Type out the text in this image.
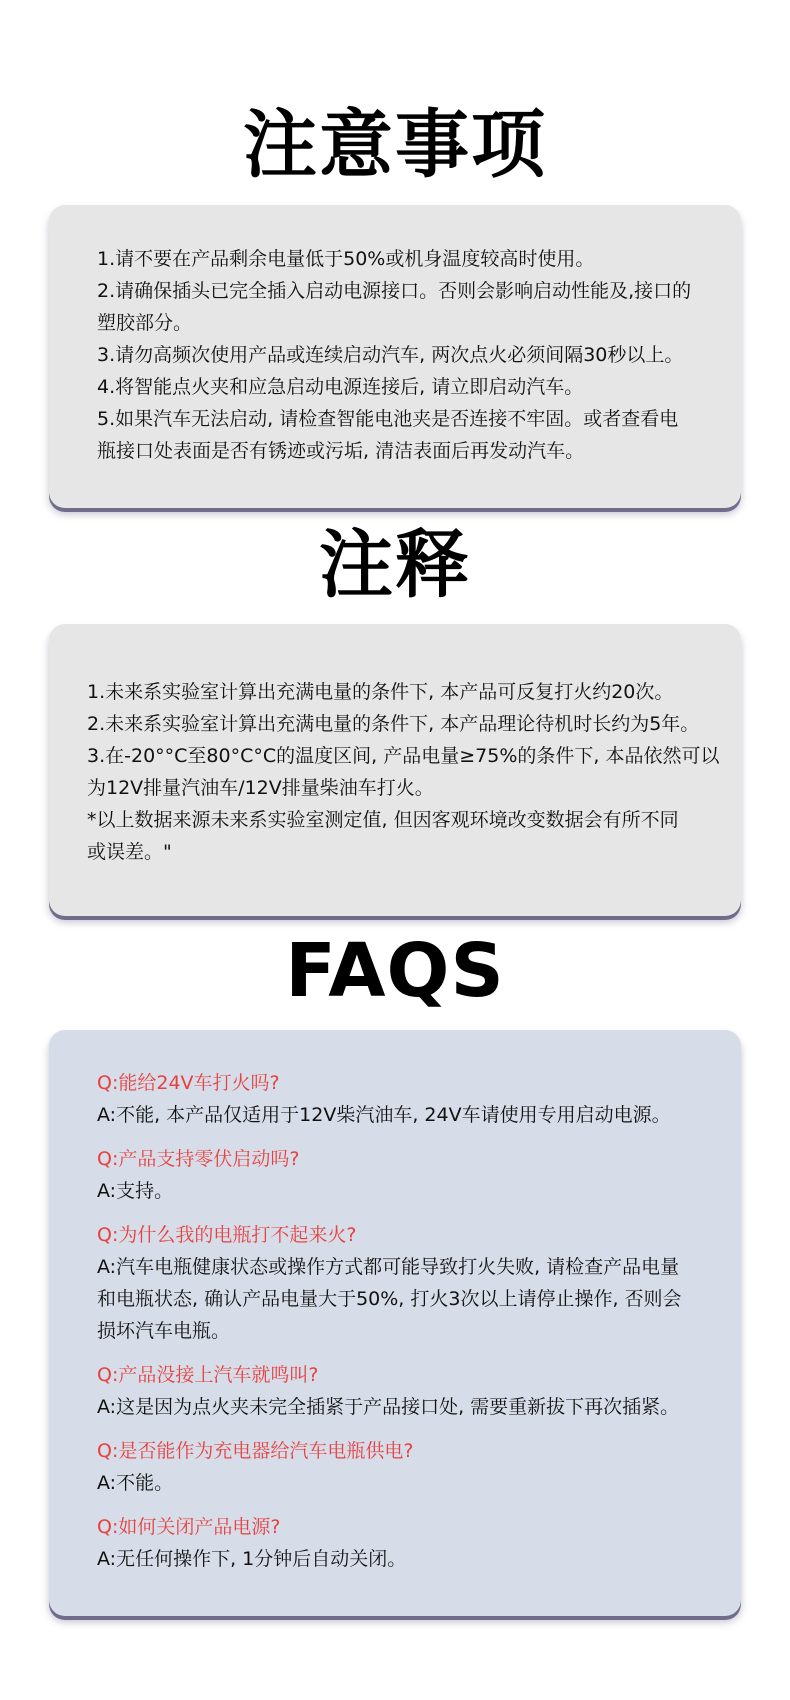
注意事项

1.请不要在产品剩余电量低于50%或机身温度较高时使用。

2.请确保插头已完全插入启动电源接口。否则会影响启动性能及,接口的

塑胶部分。

3.请勿高频次使用产品或连续启动汽车, 两次点火必须间隔30秒以上。

4.将智能点火夹和应急启动电源连接后, 请立即启动汽车。

5.如果汽车无法启动, 请检查智能电池夹是否连接不牢固。或者查看电

瓶接口处表面是否有锈迹或污垢, 清洁表面后再发动汽车。

注释

1.未来系实验室计算出充满电量的条件下, 本产品可反复打火约20次。

2.未来系实验室计算出充满电量的条件下, 本产品理论待机时长约为5年。

3.在-20°°C至80°C°C的温度区间, 产品电量≥75%的条件下, 本品依然可以

为12V排量汽油车/12V排量柴油车打火。

*以上数据来源未来系实验室测定值, 但因客观环境改变数据会有所不同

或误差。"

FAQS

Q:能给24V车打火吗?

A:不能, 本产品仅适用于12V柴汽油车, 24V车请使用专用启动电源。

Q:产品支持零伏启动吗?

A:支持。

Q:为什么我的电瓶打不起来火?

A:汽车电瓶健康状态或操作方式都可能导致打火失败, 请检查产品电量

和电瓶状态, 确认产品电量大于50%, 打火3次以上请停止操作, 否则会

损坏汽车电瓶。

Q:产品没接上汽车就鸣叫?

A:这是因为点火夹未完全插紧于产品接口处, 需要重新拔下再次插紧。

Q:是否能作为充电器给汽车电瓶供电?

A:不能。

Q:如何关闭产品电源?

A:无任何操作下, 1分钟后自动关闭。
